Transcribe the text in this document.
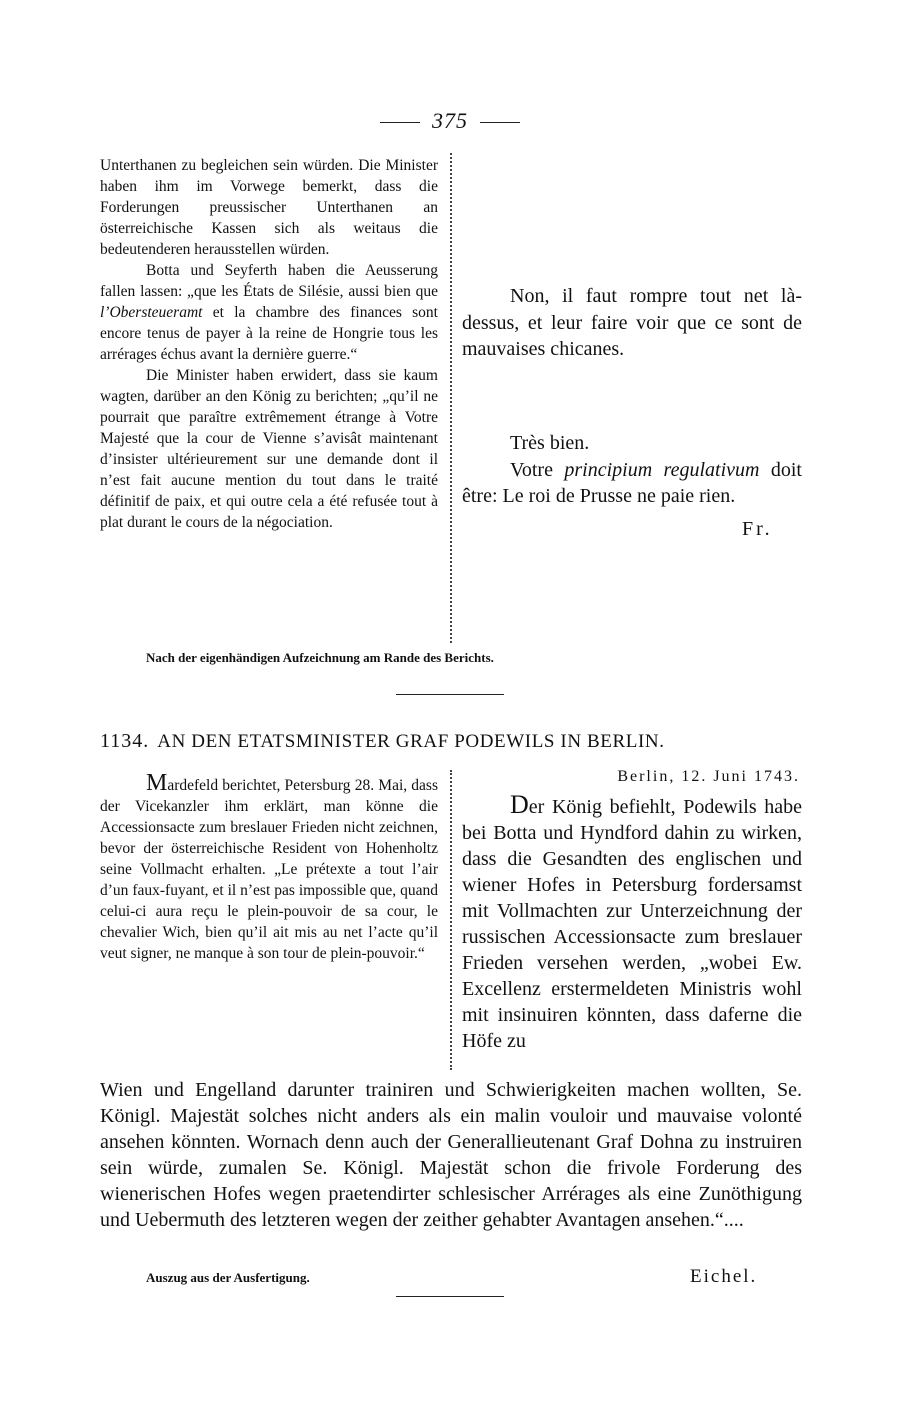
375

Unterthanen zu begleichen sein würden. Die Minister haben ihm im Vorwege bemerkt, dass die Forderungen preussischer Unterthanen an österreichische Kassen sich als weitaus die bedeutenderen herausstellen würden.

Botta und Seyferth haben die Aeusserung fallen lassen: „que les États de Silésie, aussi bien que l’Obersteueramt et la chambre des finances sont encore tenus de payer à la reine de Hongrie tous les arrérages échus avant la dernière guerre.“

Die Minister haben erwidert, dass sie kaum wagten, darüber an den König zu berichten; „qu’il ne pourrait que paraître extrêmement étrange à Votre Majesté que la cour de Vienne s’avisât maintenant d’insister ultérieurement sur une demande dont il n’est fait aucune mention du tout dans le traité définitif de paix, et qui outre cela a été refusée tout à plat durant le cours de la négociation.

Non, il faut rompre tout net là-dessus, et leur faire voir que ce sont de mauvaises chicanes.

Très bien.

Votre principium regulativum doit être: Le roi de Prusse ne paie rien.

Fr.
Nach der eigenhändigen Aufzeichnung am Rande des Berichts.
1134. AN DEN ETATSMINISTER GRAF PODEWILS IN BERLIN.

Mardefeld berichtet, Petersburg 28. Mai, dass der Vicekanzler ihm erklärt, man könne die Accessionsacte zum breslauer Frieden nicht zeichnen, bevor der österreichische Resident von Hohenholtz seine Vollmacht erhalten. „Le prétexte a tout l’air d’un faux-fuyant, et il n’est pas impossible que, quand celui-ci aura reçu le plein-pouvoir de sa cour, le chevalier Wich, bien qu’il ait mis au net l’acte qu’il veut signer, ne manque à son tour de plein-pouvoir.“

Berlin, 12. Juni 1743.

Der König befiehlt, Podewils habe bei Botta und Hyndford dahin zu wirken, dass die Gesandten des englischen und wiener Hofes in Petersburg fordersamst mit Vollmachten zur Unterzeichnung der russischen Accessionsacte zum breslauer Frieden versehen werden, „wobei Ew. Excellenz erstermeldeten Ministris wohl mit insinuiren könnten, dass daferne die Höfe zu

Wien und Engelland darunter trainiren und Schwierigkeiten machen wollten, Se. Königl. Majestät solches nicht anders als ein malin vouloir und mauvaise volonté ansehen könnten. Wornach denn auch der Generallieutenant Graf Dohna zu instruiren sein würde, zumalen Se. Königl. Majestät schon die frivole Forderung des wienerischen Hofes wegen praetendirter schlesischer Arrérages als eine Zunöthigung und Uebermuth des letzteren wegen der zeither gehabter Avantagen ansehen.“....

Auszug aus der Ausfertigung.	Eichel.
